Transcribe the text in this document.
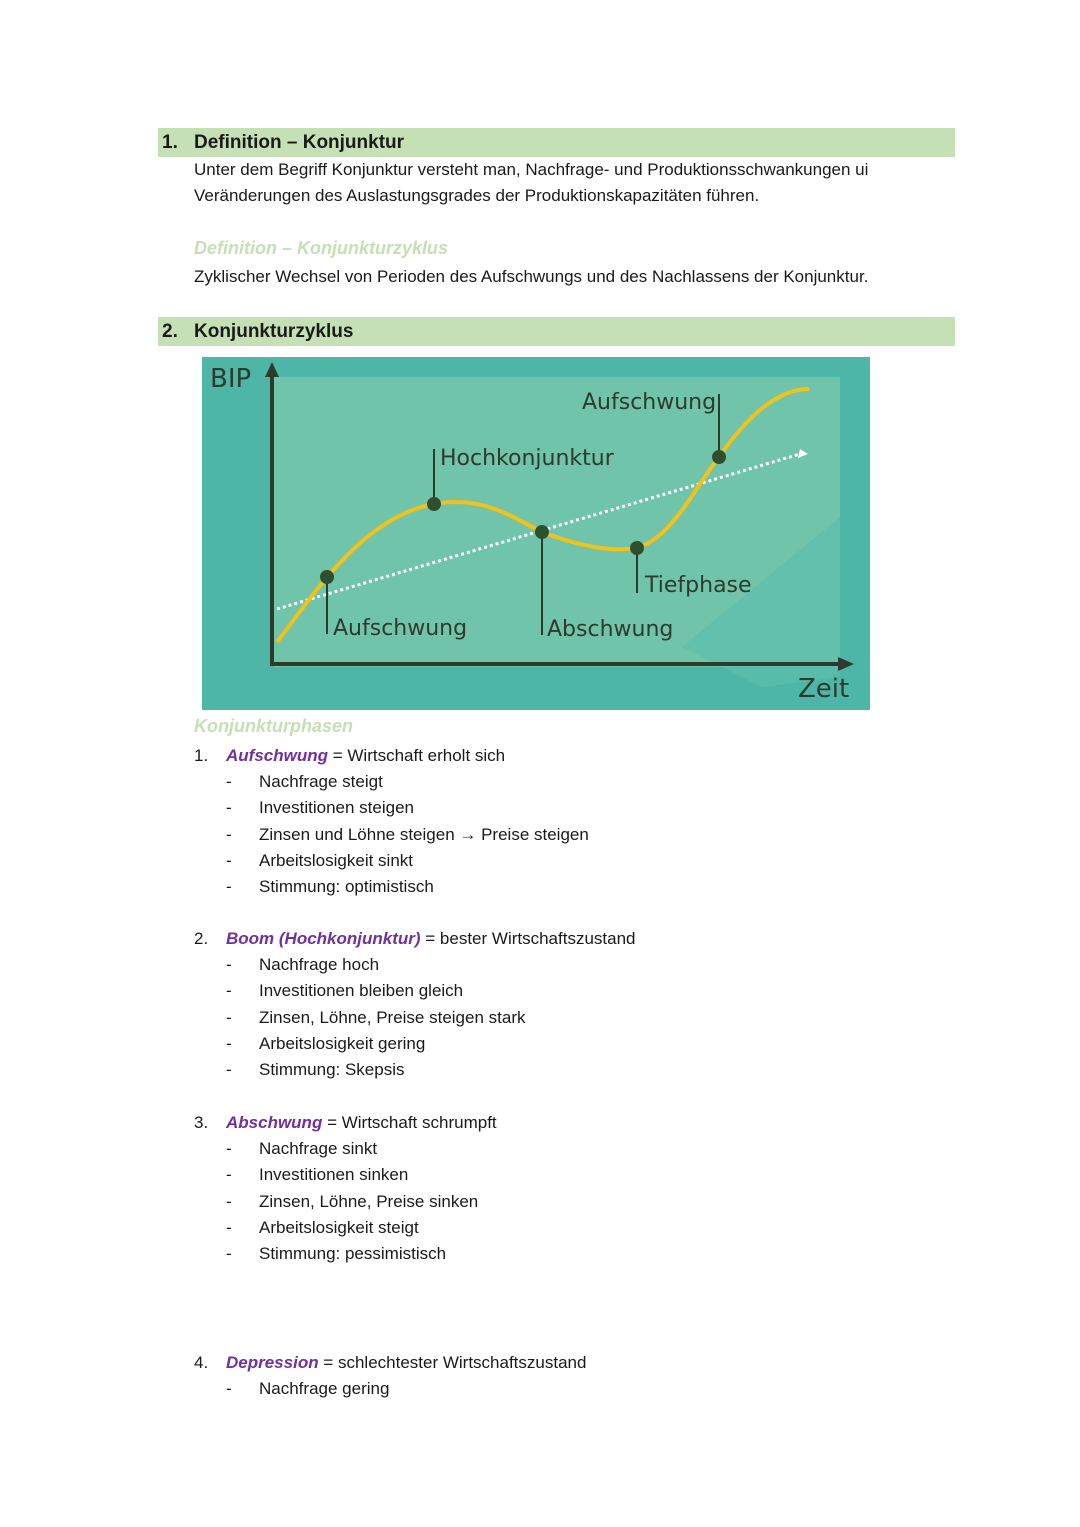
1. Definition – Konjunktur
Unter dem Begriff Konjunktur versteht man, Nachfrage- und Produktionsschwankungen ui
Veränderungen des Auslastungsgrades der Produktionskapazitäten führen.
Definition – Konjunkturzyklus
Zyklischer Wechsel von Perioden des Aufschwungs und des Nachlassens der Konjunktur.
2. Konjunkturzyklus
BIP
Zeit
Aufschwung
Hochkonjunktur
Tiefphase
Aufschwung	Abschwung
Konjunkturphasen
1. Aufschwung = Wirtschaft erholt sich
- Nachfrage steigt
- Investitionen steigen
- Zinsen und Löhne steigen → Preise steigen
- Arbeitslosigkeit sinkt
- Stimmung: optimistisch
2. Boom (Hochkonjunktur) = bester Wirtschaftszustand
- Nachfrage hoch
- Investitionen bleiben gleich
- Zinsen, Löhne, Preise steigen stark
- Arbeitslosigkeit gering
- Stimmung: Skepsis
3. Abschwung = Wirtschaft schrumpft
- Nachfrage sinkt
- Investitionen sinken
- Zinsen, Löhne, Preise sinken
- Arbeitslosigkeit steigt
- Stimmung: pessimistisch
4. Depression = schlechtester Wirtschaftszustand
- Nachfrage gering
